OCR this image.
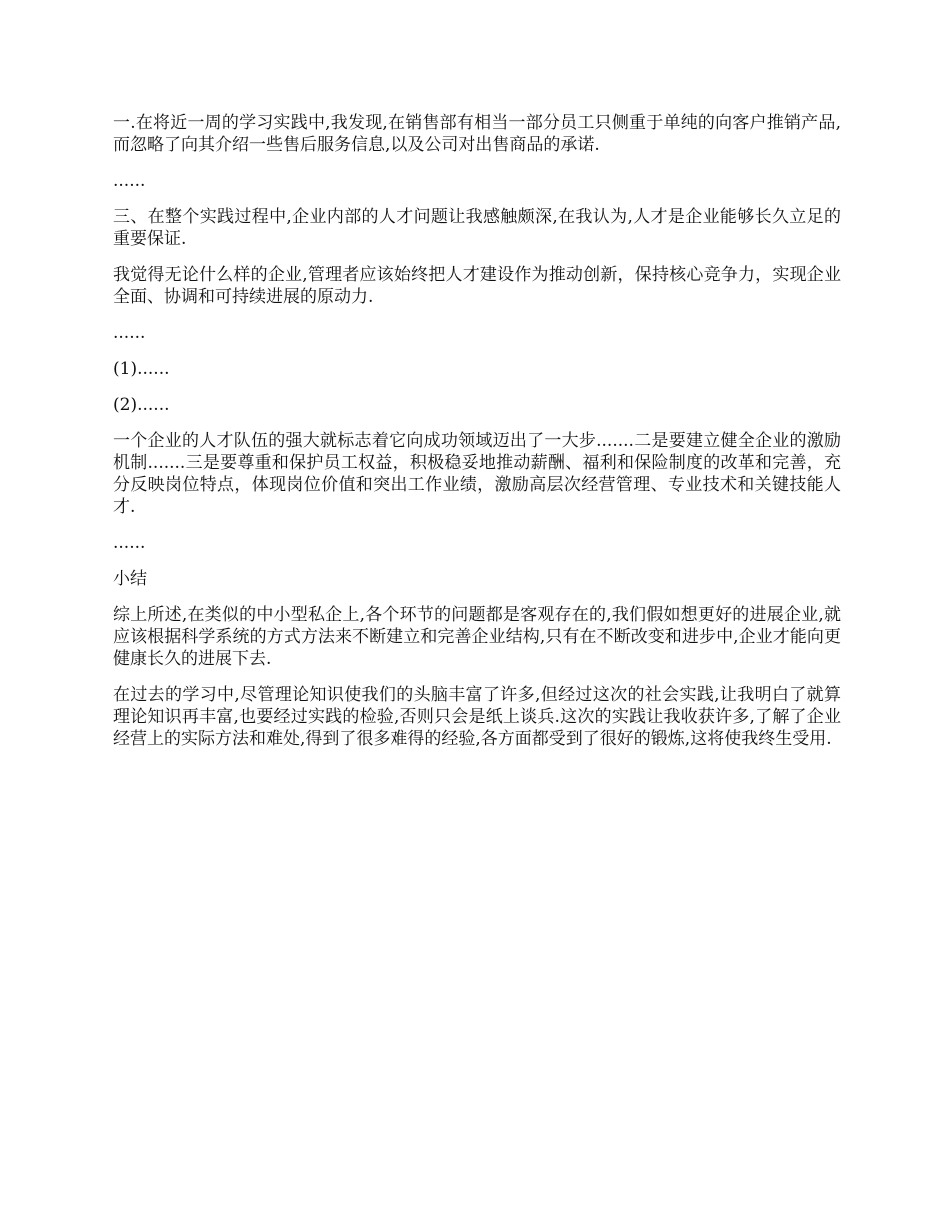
一.在将近一周的学习实践中,我发现,在销售部有相当一部分员工只侧重于单纯的向客户推销产品,而忽略了向其介绍一些售后服务信息,以及公司对出售商品的承诺.

......

三、在整个实践过程中,企业内部的人才问题让我感触颇深,在我认为,人才是企业能够长久立足的重要保证.

我觉得无论什么样的企业,管理者应该始终把人才建设作为推动创新，保持核心竞争力，实现企业全面、协调和可持续进展的原动力.

......

(1)......

(2)......

一个企业的人才队伍的强大就标志着它向成功领域迈出了一大步.......二是要建立健全企业的激励机制.......三是要尊重和保护员工权益，积极稳妥地推动薪酬、福利和保险制度的改革和完善，充分反映岗位特点，体现岗位价值和突出工作业绩，激励高层次经营管理、专业技术和关键技能人才.

......

小结

综上所述,在类似的中小型私企上,各个环节的问题都是客观存在的,我们假如想更好的进展企业,就应该根据科学系统的方式方法来不断建立和完善企业结构,只有在不断改变和进步中,企业才能向更健康长久的进展下去.

在过去的学习中,尽管理论知识使我们的头脑丰富了许多,但经过这次的社会实践,让我明白了就算理论知识再丰富,也要经过实践的检验,否则只会是纸上谈兵.这次的实践让我收获许多,了解了企业经营上的实际方法和难处,得到了很多难得的经验,各方面都受到了很好的锻炼,这将使我终生受用.
